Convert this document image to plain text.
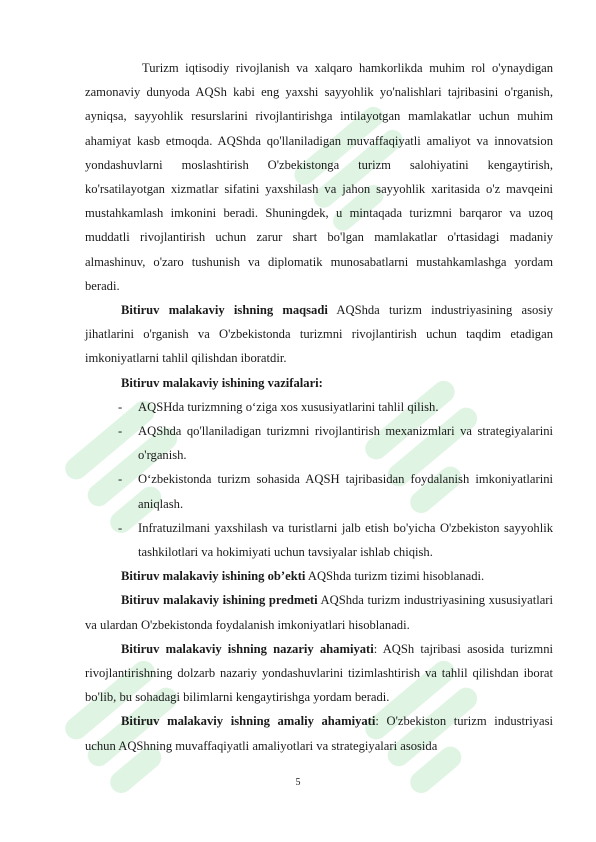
Turizm iqtisodiy rivojlanish va xalqaro hamkorlikda muhim rol o'ynaydigan zamonaviy dunyoda AQSh kabi eng yaxshi sayyohlik yo'nalishlari tajribasini o'rganish, ayniqsa, sayyohlik resurslarini rivojlantirishga intilayotgan mamlakatlar uchun muhim ahamiyat kasb etmoqda. AQShda qo'llaniladigan muvaffaqiyatli amaliyot va innovatsion yondashuvlarni moslashtirish O'zbekistonga turizm salohiyatini kengaytirish, ko'rsatilayotgan xizmatlar sifatini yaxshilash va jahon sayyohlik xaritasida o'z mavqeini mustahkamlash imkonini beradi. Shuningdek, u mintaqada turizmni barqaror va uzoq muddatli rivojlantirish uchun zarur shart bo'lgan mamlakatlar o'rtasidagi madaniy almashinuv, o'zaro tushunish va diplomatik munosabatlarni mustahkamlashga yordam beradi.

Bitiruv malakaviy ishning maqsadi AQShda turizm industriyasining asosiy jihatlarini o'rganish va O'zbekistonda turizmni rivojlantirish uchun taqdim etadigan imkoniyatlarni tahlil qilishdan iboratdir.

Bitiruv malakaviy ishining vazifalari:

- AQSHda turizmning o‘ziga xos xususiyatlarini tahlil qilish.
- AQShda qo'llaniladigan turizmni rivojlantirish mexanizmlari va strategiyalarini o'rganish.
- O‘zbekistonda turizm sohasida AQSH tajribasidan foydalanish imkoniyatlarini aniqlash.
- Infratuzilmani yaxshilash va turistlarni jalb etish bo'yicha O'zbekiston sayyohlik tashkilotlari va hokimiyati uchun tavsiyalar ishlab chiqish.

Bitiruv malakaviy ishining ob’ekti AQShda turizm tizimi hisoblanadi.

Bitiruv malakaviy ishining predmeti AQShda turizm industriyasining xususiyatlari va ulardan O'zbekistonda foydalanish imkoniyatlari hisoblanadi.

Bitiruv malakaviy ishning nazariy ahamiyati: AQSh tajribasi asosida turizmni rivojlantirishning dolzarb nazariy yondashuvlarini tizimlashtirish va tahlil qilishdan iborat bo'lib, bu sohadagi bilimlarni kengaytirishga yordam beradi.

Bitiruv malakaviy ishning amaliy ahamiyati: O'zbekiston turizm industriyasi uchun AQShning muvaffaqiyatli amaliyotlari va strategiyalari asosida

5
